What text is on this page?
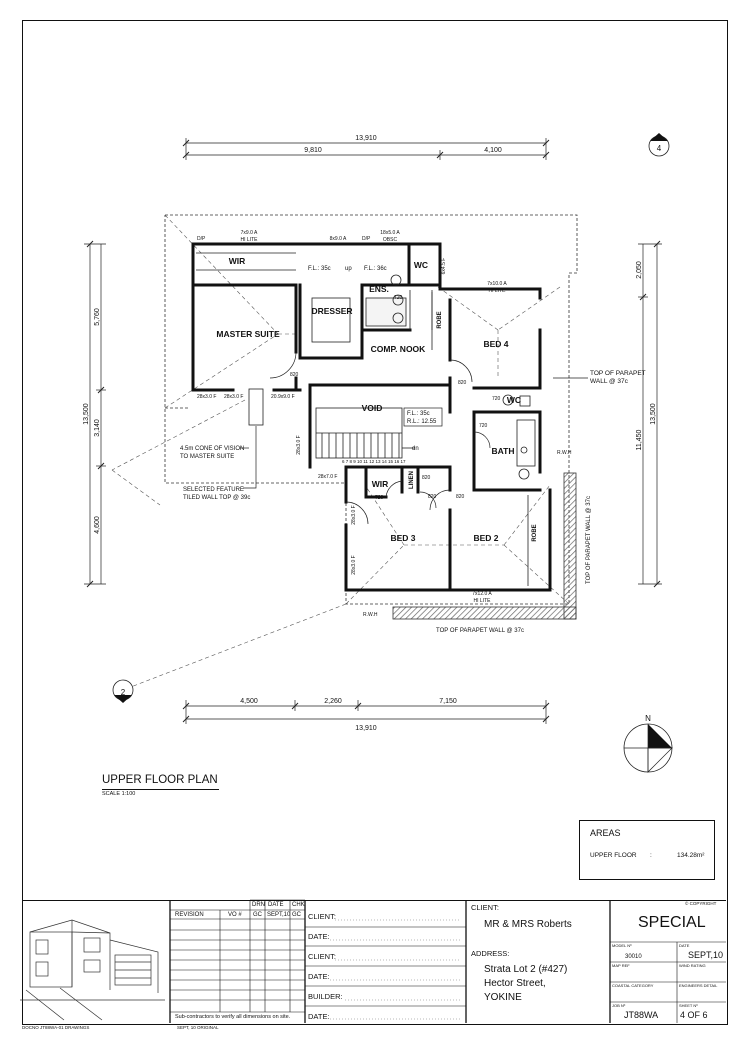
13,910
9,810	4,100
4,500	2,260	7,150
13,910
13,500
5,760
3,140
4,600
2,050
11,450
13,500
WIR
MASTER SUITE
DRESSER
ENS.
WC
BED 4
COMP. NOOK
VOID
WC
BATH
WIR
BED 3	BED 2
ROBE
LINEN
ROBE
F.L.: 35c up F.L.: 36c
dn
7x9.0 A
HI LITE	8x9.0 A
18x5.0 A
OBSC
D/P	D/P
7x10.0 A
HI LITE
7x12.0 A
HI LITE
28x3.0 F 28x3.0 F	20.9x9.0 F
28x7.0 F
820
820
820
820	820
720
720
720
720
R.W.H
R.W.H
6 7 8 9 10 11 12 13 14 15 16 17
6x4.5 F
28x3.0 F
28x3.0 F
28x3.0 F
F.L.: 35c
R.L.: 12.55
4
2
N
TOP OF PARAPET WALL @ 37c
TOP OF PARAPET WALL @ 37c
TOP OF PARAPET
WALL @ 37c
4.5m CONE OF VISION
TO MASTER SUITE
SELECTED FEATURE
TILED WALL TOP @ 39c
UPPER FLOOR PLAN
SCALE 1:100
AREAS
UPPER FLOOR :	134.28m²
DRN DATE CHK
REVISION	VO # GC SEPT,10 GC
Sub-contractors to verify all dimensions on site.
CLIENT:
DATE:
CLIENT:
DATE:
BUILDER:
DATE:
CLIENT:
MR & MRS Roberts
ADDRESS:
Strata Lot 2 (#427)
Hector Street,
YOKINE
© COPYRIGHT
SPECIAL
MODEL Nº
30010
DATE
SEPT,10
MAP REF	WIND RATING
COASTAL CATEGORY	ENGINEERS DETAIL
JOB Nº
JT88WA
SHEET Nº
4 OF 6
DOCNO JT88WA-01 DRAWINGS	SEPT, 10 ORIGINAL
